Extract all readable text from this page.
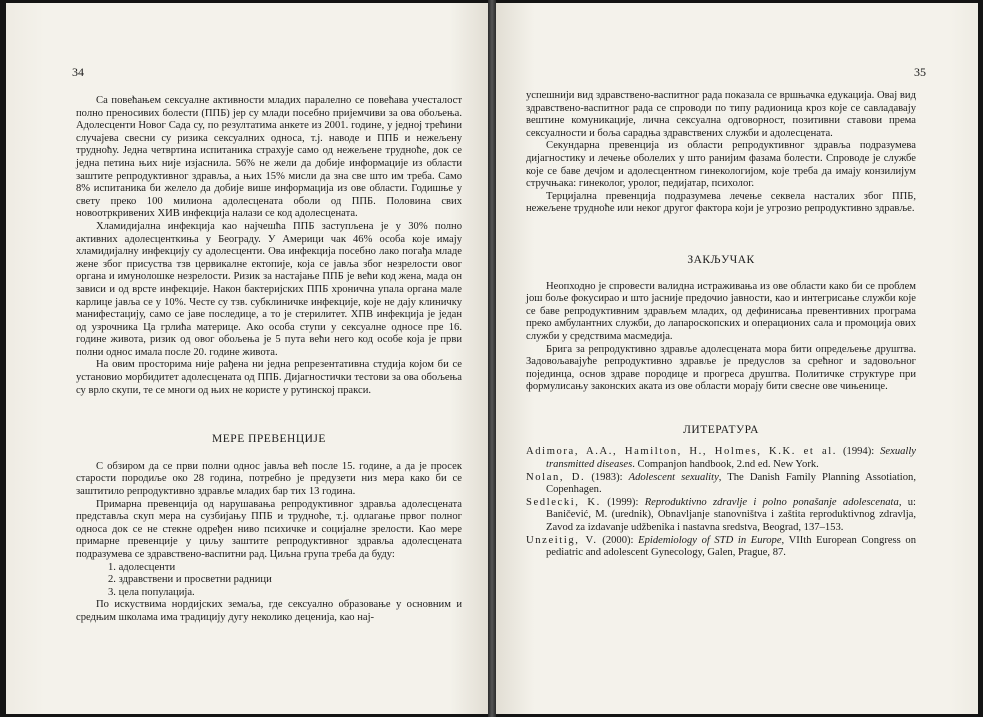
34

Са повећањем сексуалне активности младих паралелно се повећава учесталост полно преносивих болести (ППБ) јер су млади посебно пријемчиви за ова обољења. Адолесценти Новог Сада су, по резултатима анкете из 2001. године, у једној трећини случајева свесни су ризика сексуалних односа, т.ј. наводе и ППБ и нежељену трудноћу. Једна четвртина испитаника страхује само од нежељене трудноће, док се једна петина њих није изјаснила. 56% не жели да добије информације из области заштите репродуктивног здравља, а њих 15% мисли да зна све што им треба. Само 8% испитаника би желело да добије више информација из ове области. Годишње у свету преко 100 милиона адолесцената оболи од ППБ. Половина свих новоотркривених ХИВ инфекција налази се код адолесцената.

Хламидијална инфекција као најчешћа ППБ заступљена је у 30% полно активних адолесценткиња у Београду. У Америци чак 46% особа које имају хламидијалну инфекцију су адолесценти. Ова инфекција посебно лако погађа младе жене због присуства тзв цервикалне ектопије, која се јавља због незрелости овог органа и имунолошке незрелости. Ризик за настајање ППБ је већи код жена, мада он зависи и од врсте инфекције. Након бактеријских ППБ хронична упала органа мале карлице јавља се у 10%. Честе су тзв. субклиничке инфекције, које не дају клиничку манифестацију, само се јаве последице, а то је стерилитет. ХПВ инфекција је један од узрочника Ца грлића материце. Ако особа ступи у сексуалне односе пре 16. године живота, ризик од овог обољења је 5 пута већи него код особе која је први полни однос имала после 20. године живота.

На овим просторима није рађена ни једна репрезентативна студија којом би се установио морбидитет адолесцената од ППБ. Дијагностички тестови за ова обољења су врло скупи, те се многи од њих не користе у рутинској пракси.

МЕРЕ ПРЕВЕНЦИЈЕ

С обзиром да се први полни однос јавља већ после 15. године, а да је просек старости породиље око 28 година, потребно је предузети низ мера како би се заштитило репродуктивно здравље младих бар тих 13 година.

Примарна превенција од нарушавања репродуктивног здравља адолесцената представља скуп мера на сузбијању ППБ и трудноће, т.ј. одлагање првог полног односа док се не стекне одређен ниво психичке и социјалне зрелости. Као мере примарне превенције у циљу заштите репродуктивног здравља адолесцената подразумева се здравствено-васпитни рад. Циљна група треба да буду:

1. адолесценти
2. здравствени и просветни радници
3. цела популација.

По искуствима нордијских земаља, где сексуално образовање у основним и средњим школама има традицију дугу неколико деценија, као нај-

35

успешнији вид здравствено-васпитног рада показала се вршњачка едукација. Овај вид здравствено-васпитног рада се спроводи по типу радионица кроз које се савладавају вештине комуникације, лична сексуална одговорност, позитивни ставови према сексуалности и боља сарадња здравствених служби и адолесцената.

Секундарна превенција из области репродуктивног здравља подразумева дијагностику и лечење оболелих у што ранијим фазама болести. Спроводе је службе које се баве дечјом и адолесцентном гинекологијом, које треба да имају конзилијум стручњака: гинеколог, уролог, педијатар, психолог.

Терцијална превенција подразумева лечење секвела насталих због ППБ, нежељене трудноће или неког другог фактора који је угрозио репродуктивно здравље.

ЗАКЉУЧАК

Неопходно је спровести валидна истраживања из ове области како би се проблем још боље фокусирао и што јасније предочио јавности, као и интегрисање служби које се баве репродуктивним здрављем младих, од дефинисања превентивних програма преко амбулантних служби, до лапароскопских и операционих сала и промоција ових служби у средствима масмедија.

Брига за репродуктивно здравље адолесцената мора бити опредељење друштва. Задовољавајуће репродуктивно здравље је предуслов за срећног и задовољног појединца, основ здраве породице и прогреса друштва. Политичке структуре при формулисању законских аката из ове области морају бити свесне ове чињенице.

ЛИТЕРАТУРА
Adimora, A.A., Hamilton, H., Holmes, K.K. et al. (1994): Sexually transmitted diseases. Companjon handbook, 2.nd ed. New York.
Nolan, D. (1983): Adolescent sexuality, The Danish Family Planning Assotiation, Copenhagen.
Sedlecki, K. (1999): Reproduktivno zdravlje i polno ponašanje adolescenata, u: Baničević, M. (urednik), Obnavljanje stanovništva i zaštita reproduktivnog zdravlja, Zavod za izdavanje udžbenika i nastavna sredstva, Beograd, 137–153.
Unzeitig, V. (2000): Epidemiology of STD in Europe, VIIth European Congress on pediatric and adolescent Gynecology, Galen, Prague, 87.
